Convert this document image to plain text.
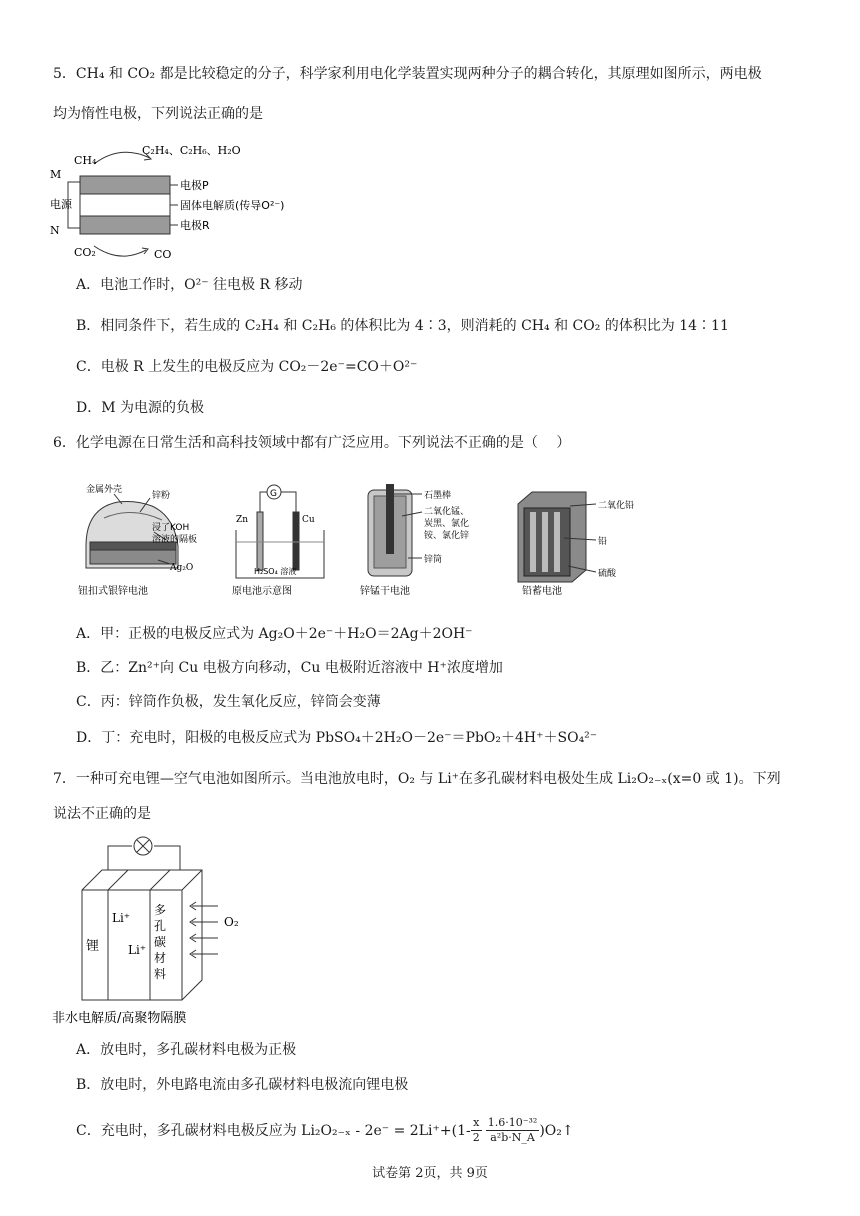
5．CH₄ 和 CO₂ 都是比较稳定的分子，科学家利用电化学装置实现两种分子的耦合转化，其原理如图所示，两电极
均为惰性电极，下列说法正确的是
CH₄
C₂H₄、C₂H₆、H₂O
M
电源
N
电极P
固体电解质(传导O²⁻)
电极R
CO₂	CO
A．电池工作时，O²⁻ 往电极 R 移动
B．相同条件下，若生成的 C₂H₄ 和 C₂H₆ 的体积比为 4∶3，则消耗的 CH₄ 和 CO₂ 的体积比为 14∶11
C．电极 R 上发生的电极反应为 CO₂－2e⁻=CO＋O²⁻
D．M 为电源的负极
6．化学电源在日常生活和高科技领域中都有广泛应用。下列说法不正确的是（　 ）
金属外壳
锌粉
浸了KOH
溶液的隔板
Ag₂O
钮扣式银锌电池
G
Zn	Cu
H₂SO₄ 溶液
原电池示意图
石墨棒
二氧化锰、
炭黑、氯化
铵、氯化锌
锌筒
锌锰干电池
二氧化铅
铅
硫酸
铅蓄电池
A．甲：正极的电极反应式为 Ag₂O＋2e⁻＋H₂O＝2Ag＋2OH⁻
B．乙：Zn²⁺向 Cu 电极方向移动，Cu 电极附近溶液中 H⁺浓度增加
C．丙：锌筒作负极，发生氧化反应，锌筒会变薄
D．丁：充电时，阳极的电极反应式为 PbSO₄＋2H₂O－2e⁻＝PbO₂＋4H⁺＋SO₄²⁻
7．一种可充电锂—空气电池如图所示。当电池放电时，O₂ 与 Li⁺在多孔碳材料电极处生成 Li₂O₂₋ₓ(x=0 或 1)。下列
说法不正确的是
O₂
Li⁺
Li⁺
锂
多 孔 碳 材 料
非水电解质/高聚物隔膜
A．放电时，多孔碳材料电极为正极
B．放电时，外电路电流由多孔碳材料电极流向锂电极
C．充电时，多孔碳材料电极反应为 $Li_2O_{2-x} - 2e^- = 2Li^++(1- \frac{x}{2} \frac{\text{1.6·10⁻³²}}{\text{a²b·N\_A}}$ )O₂↑
试卷第 2页，共 9页
